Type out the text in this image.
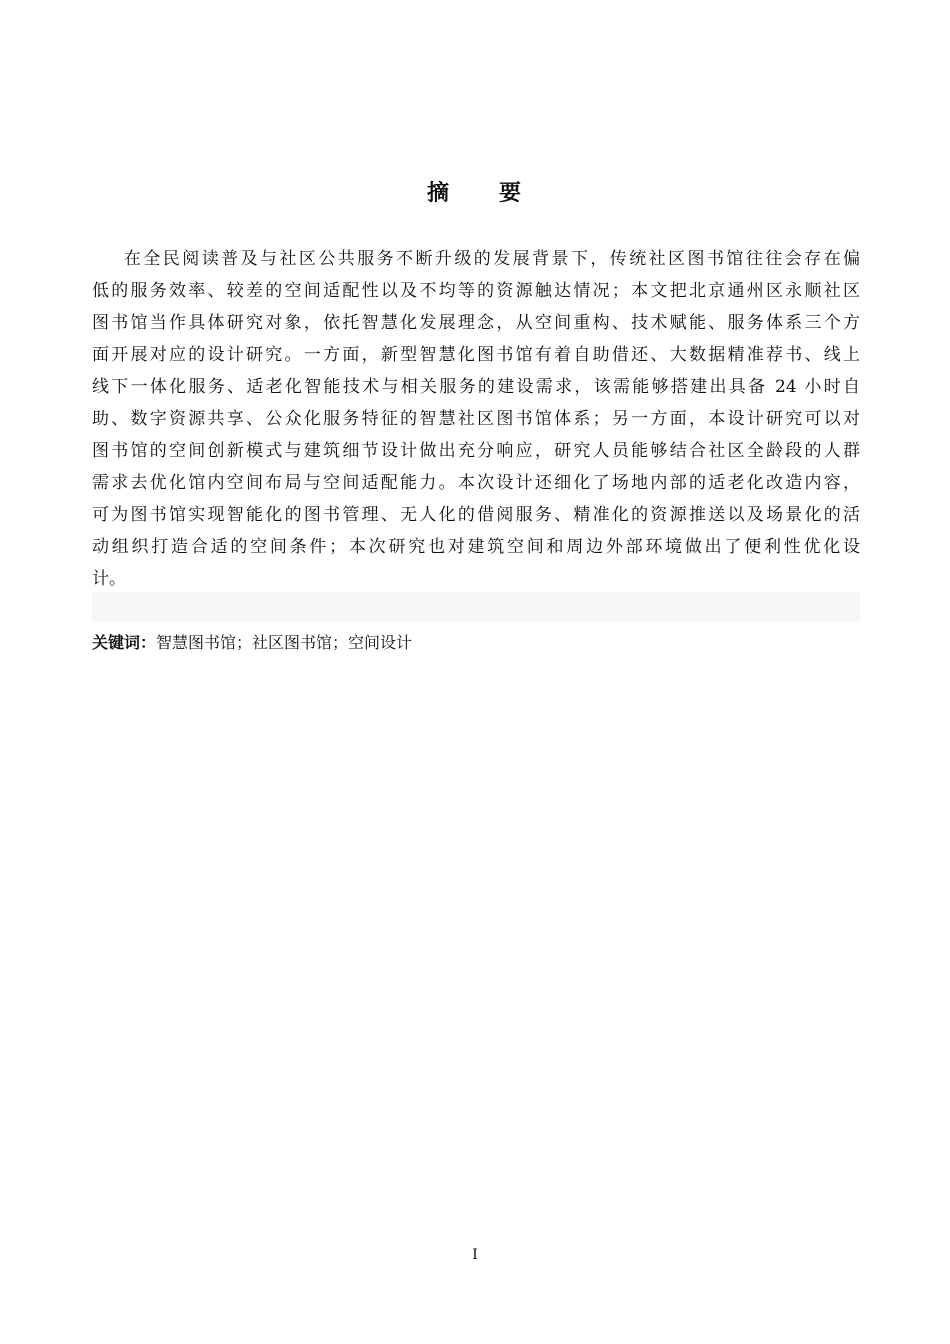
摘　　要
在全民阅读普及与社区公共服务不断升级的发展背景下，传统社区图书馆往往会存在偏
低的服务效率、较差的空间适配性以及不均等的资源触达情况；本文把北京通州区永顺社区
图书馆当作具体研究对象，依托智慧化发展理念，从空间重构、技术赋能、服务体系三个方
面开展对应的设计研究。一方面，新型智慧化图书馆有着自助借还、大数据精准荐书、线上
线下一体化服务、适老化智能技术与相关服务的建设需求，该需能够搭建出具备 24 小时自
助、数字资源共享、公众化服务特征的智慧社区图书馆体系；另一方面，本设计研究可以对
图书馆的空间创新模式与建筑细节设计做出充分响应，研究人员能够结合社区全龄段的人群
需求去优化馆内空间布局与空间适配能力。本次设计还细化了场地内部的适老化改造内容，
可为图书馆实现智能化的图书管理、无人化的借阅服务、精准化的资源推送以及场景化的活
动组织打造合适的空间条件；本次研究也对建筑空间和周边外部环境做出了便利性优化设
计。
关键词：智慧图书馆；社区图书馆；空间设计
I
